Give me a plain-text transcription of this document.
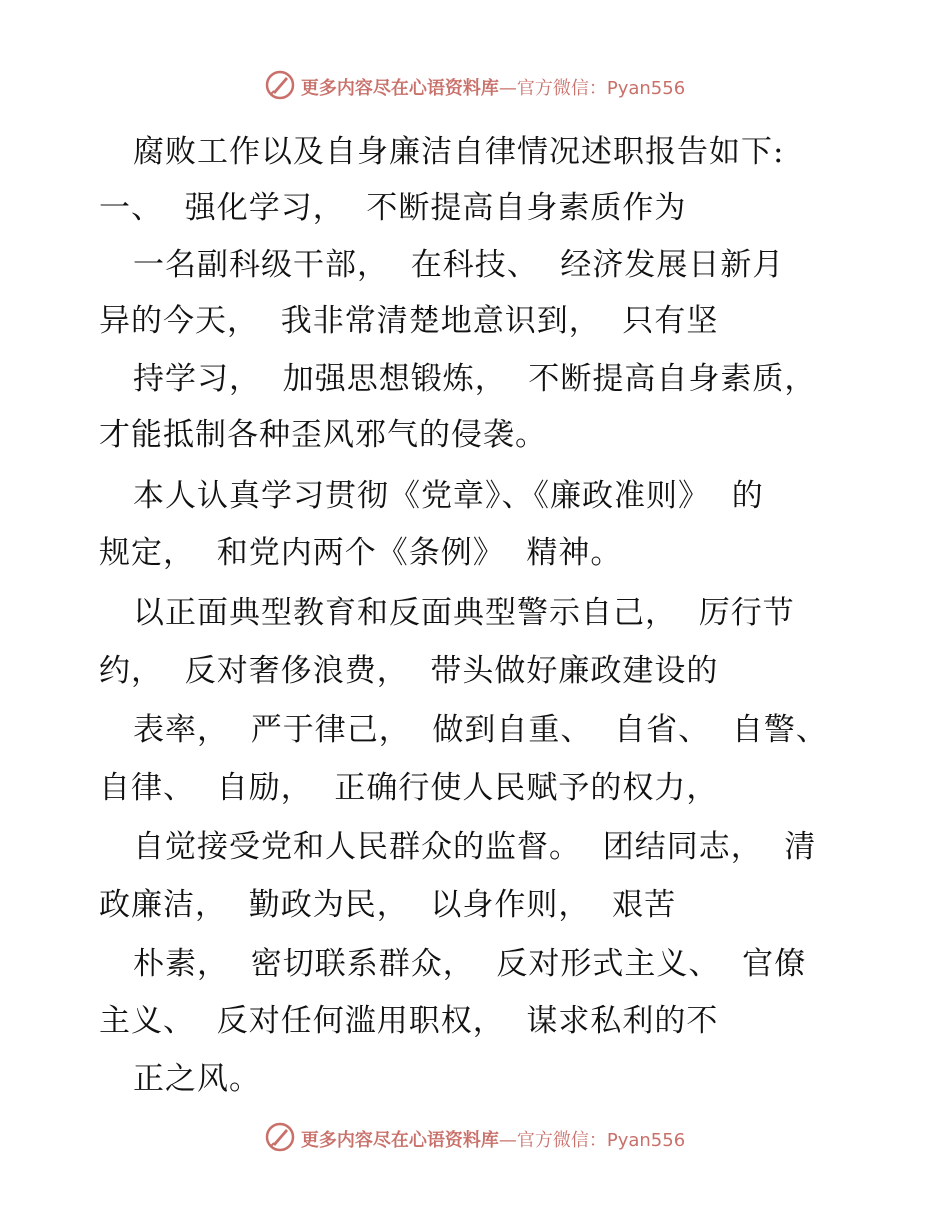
更多内容尽在心语资料库—官方微信：Pyan556
腐败工作以及自身廉洁自律情况述职报告如下:
一、  强化学习，  不断提高自身素质作为
一名副科级干部，  在科技、  经济发展日新月
异的今天，  我非常清楚地意识到，  只有坚
持学习，  加强思想锻炼，  不断提高自身素质，
才能抵制各种歪风邪气的侵袭。
本人认真学习贯彻《党章》、《廉政准则》  的
规定，  和党内两个《条例》  精神。
以正面典型教育和反面典型警示自己，  厉行节
约，  反对奢侈浪费，  带头做好廉政建设的
表率，  严于律己，  做到自重、  自省、  自警、
自律、  自励，  正确行使人民赋予的权力，
自觉接受党和人民群众的监督。  团结同志，  清
政廉洁，  勤政为民，  以身作则，  艰苦
朴素，  密切联系群众，  反对形式主义、  官僚
主义、  反对任何滥用职权，  谋求私利的不
正之风。
更多内容尽在心语资料库—官方微信：Pyan556
